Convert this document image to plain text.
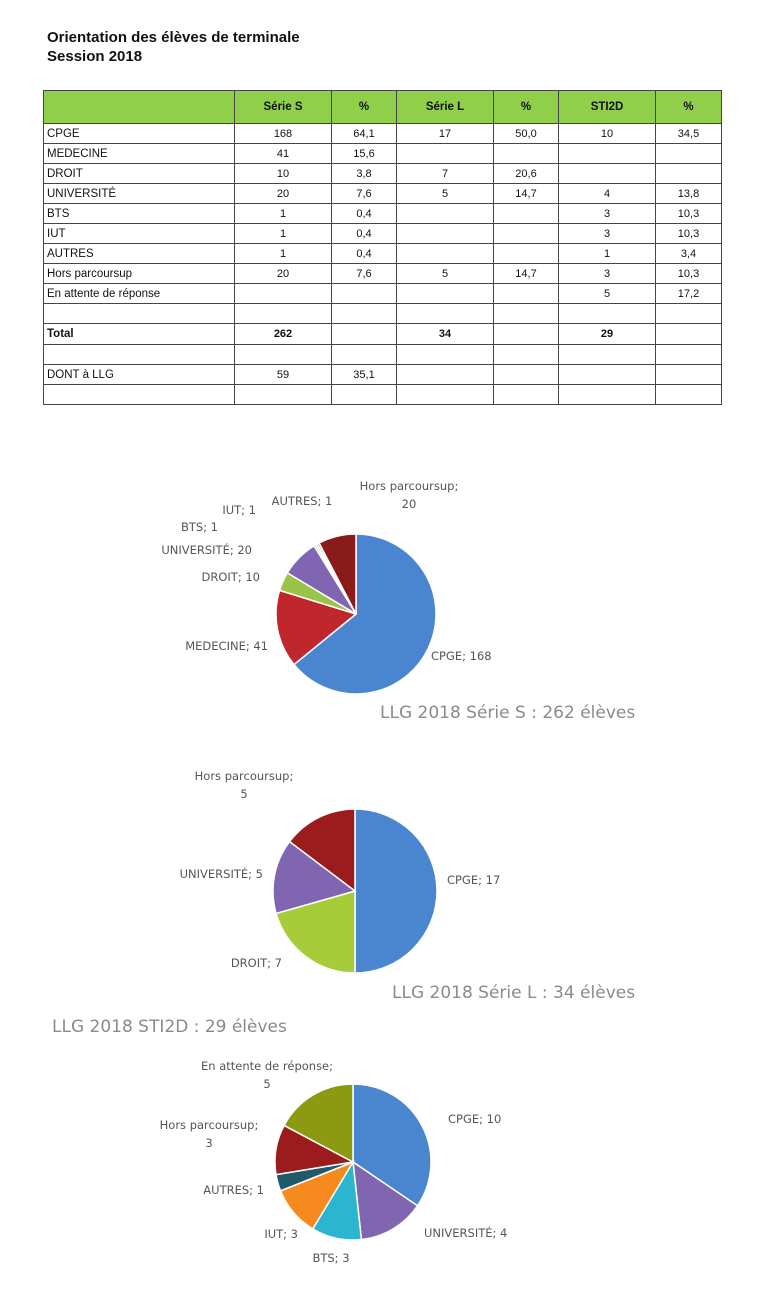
Orientation des élèves de terminale
Session 2018
	Série S	%	Série L	%	STI2D	%
CPGE	168	64,1	17	50,0	10	34,5
MEDECINE	41	15,6				
DROIT	10	3,8	7	20,6		
UNIVERSITÉ	20	7,6	5	14,7	4	13,8
BTS	1	0,4			3	10,3
IUT	1	0,4			3	10,3
AUTRES	1	0,4			1	3,4
Hors parcoursup	20	7,6	5	14,7	3	10,3
En attente de réponse					5	17,2

Total	262		34		29	

DONT à LLG	59	35,1				

LLG 2018 Série S : 262 élèves
LLG 2018 Série L : 34 élèves
LLG 2018 STI2D : 29 élèves
CPGE; 168
MEDECINE; 41
DROIT; 10
UNIVERSITÉ; 20
BTS; 1
IUT; 1
AUTRES; 1
Hors parcoursup; 20
CPGE; 17
DROIT; 7
UNIVERSITÉ; 5
Hors parcoursup; 5
CPGE; 10
UNIVERSITÉ; 4
BTS; 3
IUT; 3
AUTRES; 1
Hors parcoursup; 3
En attente de réponse; 5
